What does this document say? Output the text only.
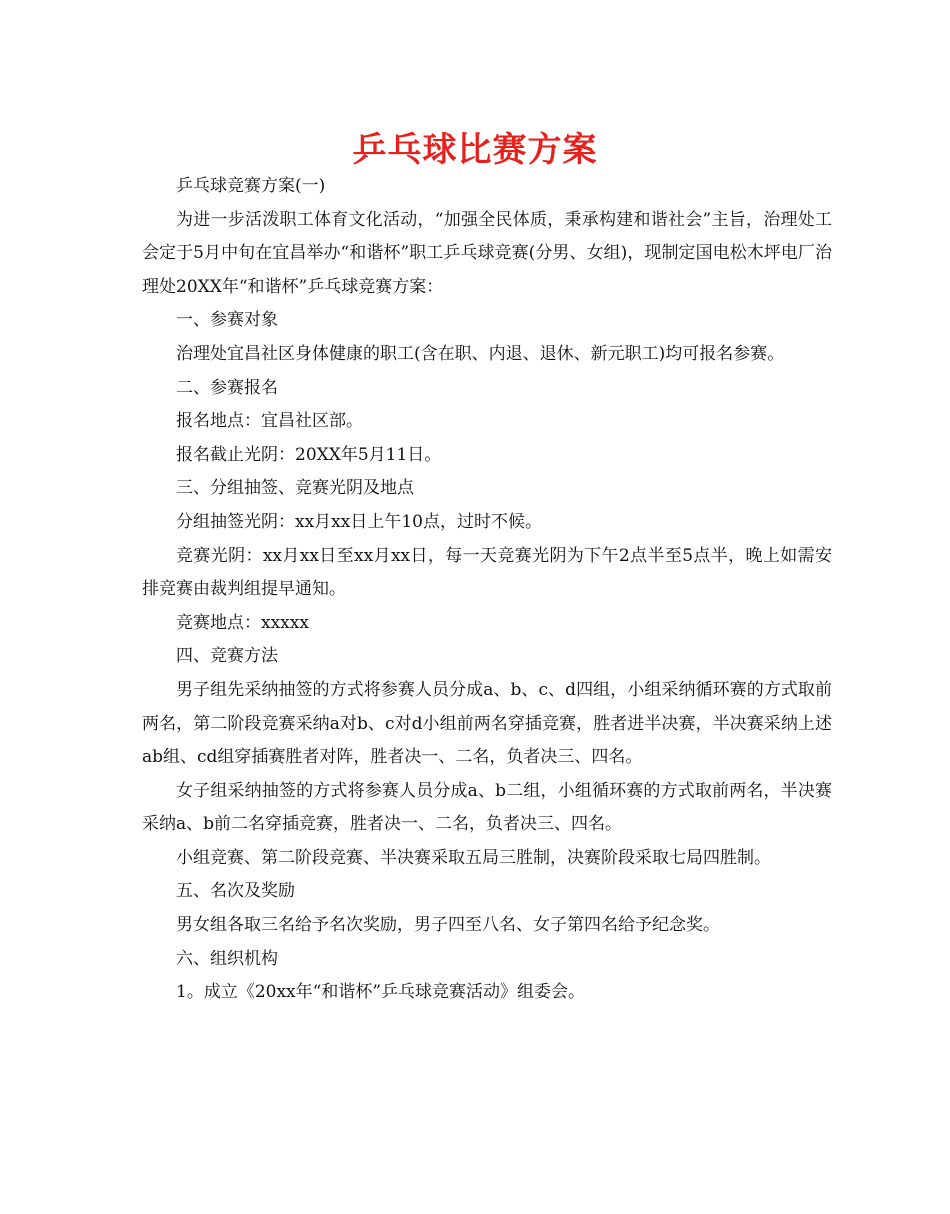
乒乓球比赛方案

乒乓球竞赛方案(一)

为进一步活泼职工体育文化活动，“加强全民体质，秉承构建和谐社会”主旨，治理处工会定于5月中旬在宜昌举办“和谐杯”职工乒乓球竞赛(分男、女组)，现制定国电松木坪电厂治理处20XX年“和谐杯”乒乓球竞赛方案：

一、参赛对象

治理处宜昌社区身体健康的职工(含在职、内退、退休、新元职工)均可报名参赛。

二、参赛报名

报名地点：宜昌社区部。

报名截止光阴：20XX年5月11日。

三、分组抽签、竞赛光阴及地点

分组抽签光阴：xx月xx日上午10点，过时不候。

竞赛光阴：xx月xx日至xx月xx日，每一天竞赛光阴为下午2点半至5点半，晚上如需安排竞赛由裁判组提早通知。

竞赛地点：xxxxx

四、竞赛方法

男子组先采纳抽签的方式将参赛人员分成a、b、c、d四组，小组采纳循环赛的方式取前两名，第二阶段竞赛采纳a对b、c对d小组前两名穿插竞赛，胜者进半决赛，半决赛采纳上述ab组、cd组穿插赛胜者对阵，胜者决一、二名，负者决三、四名。

女子组采纳抽签的方式将参赛人员分成a、b二组，小组循环赛的方式取前两名，半决赛采纳a、b前二名穿插竞赛，胜者决一、二名，负者决三、四名。

小组竞赛、第二阶段竞赛、半决赛采取五局三胜制，决赛阶段采取七局四胜制。

五、名次及奖励

男女组各取三名给予名次奖励，男子四至八名、女子第四名给予纪念奖。

六、组织机构

1。成立《20xx年“和谐杯”乒乓球竞赛活动》组委会。
